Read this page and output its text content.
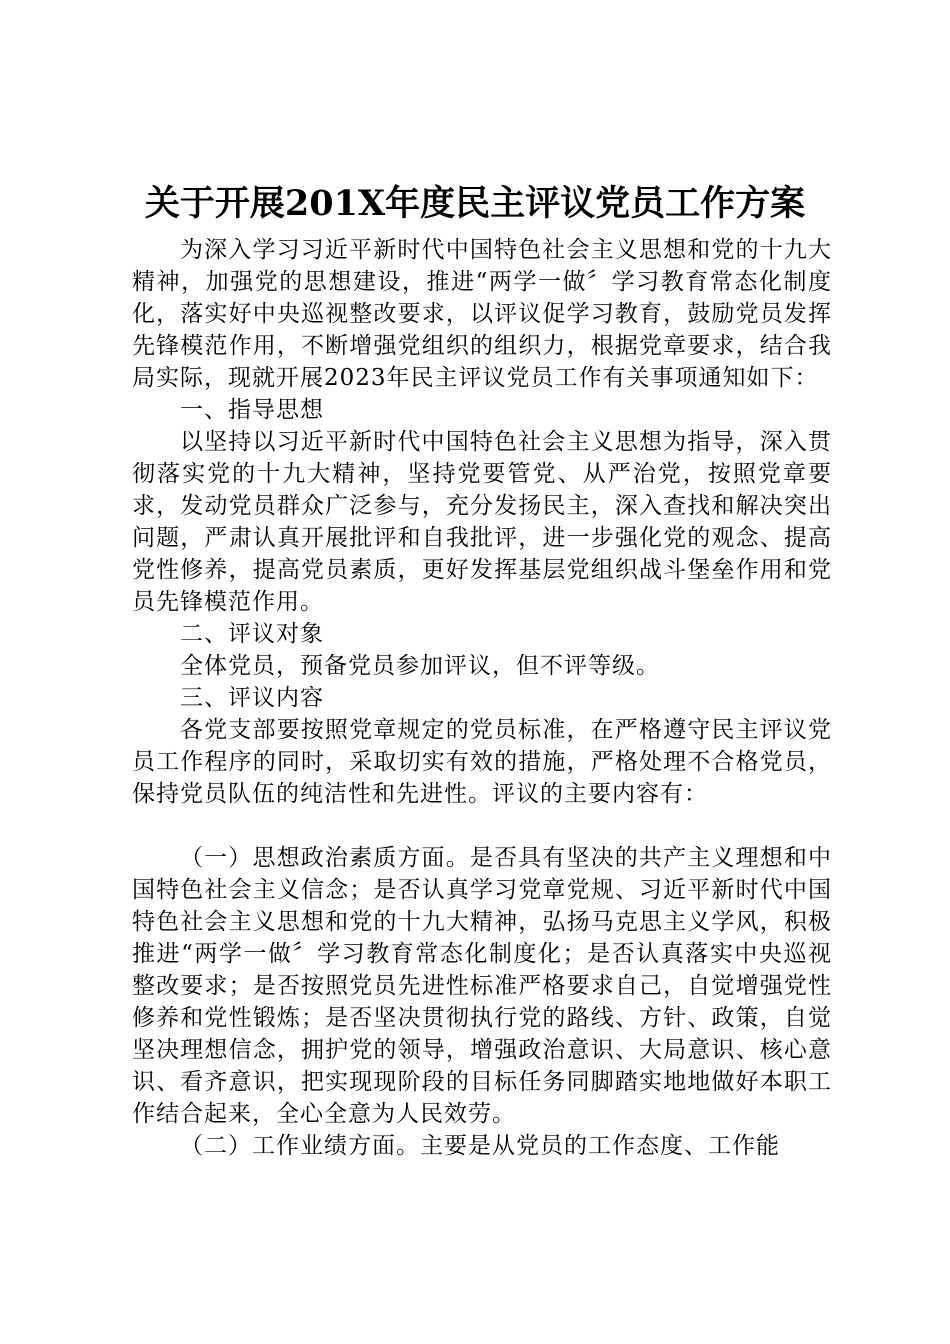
关于开展201X年度民主评议党员工作方案

为深入学习习近平新时代中国特色社会主义思想和党的十九大精神，加强党的思想建设，推进“两学一做〞学习教育常态化制度化，落实好中央巡视整改要求，以评议促学习教育，鼓励党员发挥先锋模范作用，不断增强党组织的组织力，根据党章要求，结合我局实际，现就开展2023年民主评议党员工作有关事项通知如下：

一、指导思想

以坚持以习近平新时代中国特色社会主义思想为指导，深入贯彻落实党的十九大精神，坚持党要管党、从严治党，按照党章要求，发动党员群众广泛参与，充分发扬民主，深入查找和解决突出问题，严肃认真开展批评和自我批评，进一步强化党的观念、提高党性修养，提高党员素质，更好发挥基层党组织战斗堡垒作用和党员先锋模范作用。

二、评议对象

全体党员，预备党员参加评议，但不评等级。

三、评议内容

各党支部要按照党章规定的党员标准，在严格遵守民主评议党员工作程序的同时，采取切实有效的措施，严格处理不合格党员，保持党员队伍的纯洁性和先进性。评议的主要内容有：

（一）思想政治素质方面。是否具有坚决的共产主义理想和中国特色社会主义信念；是否认真学习党章党规、习近平新时代中国特色社会主义思想和党的十九大精神，弘扬马克思主义学风，积极推进“两学一做〞学习教育常态化制度化；是否认真落实中央巡视整改要求；是否按照党员先进性标准严格要求自己，自觉增强党性修养和党性锻炼；是否坚决贯彻执行党的路线、方针、政策，自觉坚决理想信念，拥护党的领导，增强政治意识、大局意识、核心意识、看齐意识，把实现现阶段的目标任务同脚踏实地地做好本职工作结合起来，全心全意为人民效劳。

（二）工作业绩方面。主要是从党员的工作态度、工作能
